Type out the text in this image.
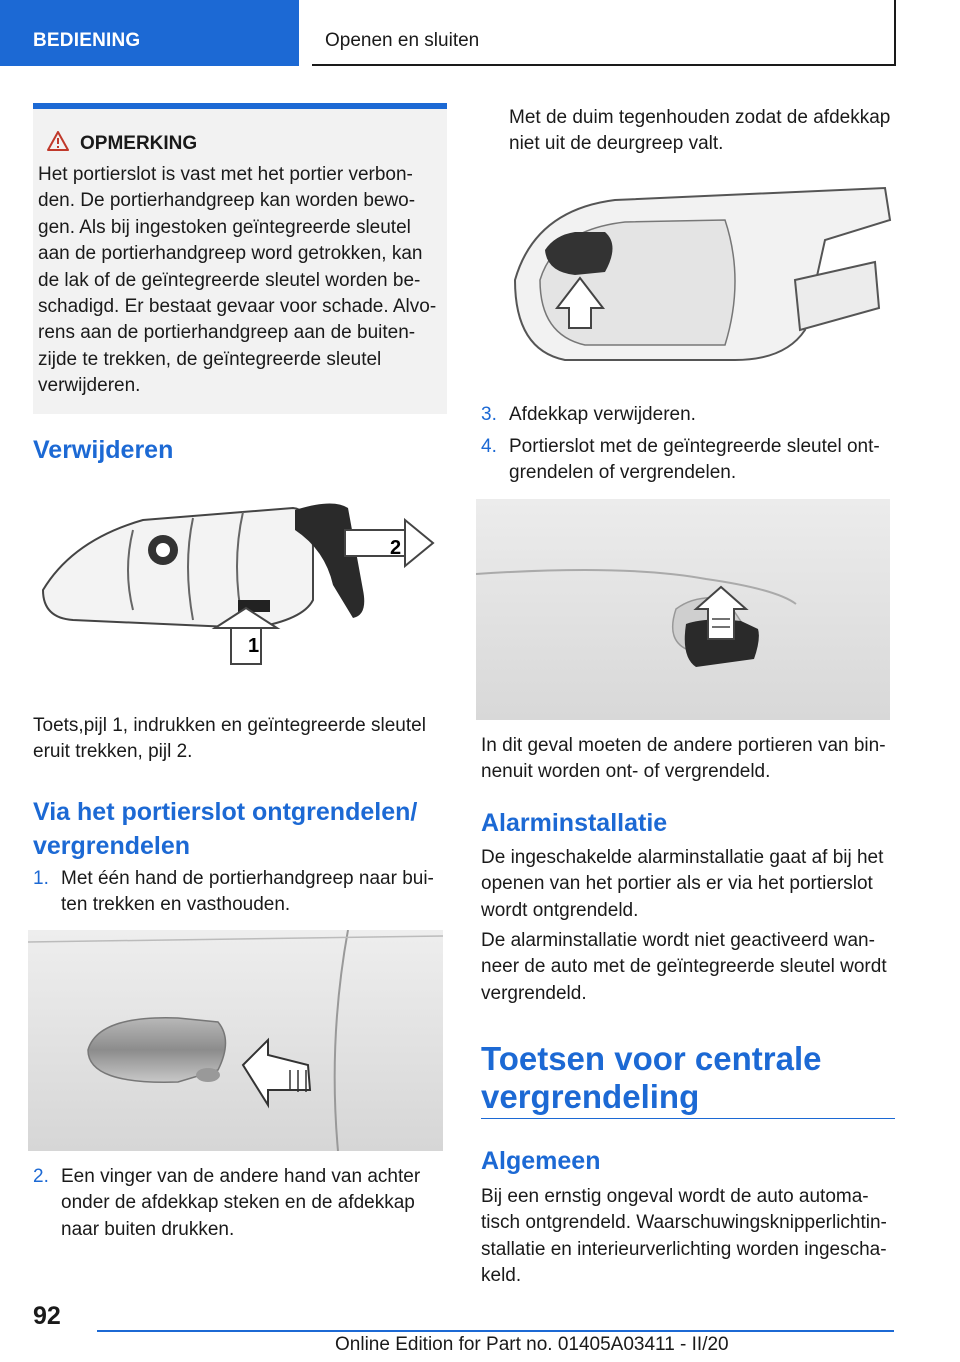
BEDIENING	Openen en sluiten
OPMERKING
Het portierslot is vast met het portier verbon-
den. De portierhandgreep kan worden bewo-
gen. Als bij ingestoken geïntegreerde sleutel
aan de portierhandgreep word getrokken, kan
de lak of de geïntegreerde sleutel worden be-
schadigd. Er bestaat gevaar voor schade. Alvo-
rens aan de portierhandgreep aan de buiten-
zijde te trekken, de geïntegreerde sleutel
verwijderen.
Verwijderen
2
1

Toets,pijl 1, indrukken en geïntegreerde sleutel

eruit trekken, pijl 2.

Via het portierslot ontgrendelen/
vergrendelen
1. Met één hand de portierhandgreep naar bui-
ten trekken en vasthouden.
2. Een vinger van de andere hand van achter
onder de afdekkap steken en de afdekkap
naar buiten drukken.
Met de duim tegenhouden zodat de afdekkap
niet uit de deurgreep valt.
3. Afdekkap verwijderen.
4. Portierslot met de geïntegreerde sleutel ont-
grendelen of vergrendelen.
In dit geval moeten de andere portieren van bin-
nenuit worden ont- of vergrendeld.
Alarminstallatie
De ingeschakelde alarminstallatie gaat af bij het
openen van het portier als er via het portierslot
wordt ontgrendeld.
De alarminstallatie wordt niet geactiveerd wan-
neer de auto met de geïntegreerde sleutel wordt
vergrendeld.
Toetsen voor centrale
vergrendeling
Algemeen
Bij een ernstig ongeval wordt de auto automa-
tisch ontgrendeld. Waarschuwingsknipperlichtin-
stallatie en interieurverlichting worden ingescha-
keld.
92
Online Edition for Part no. 01405A03411 - II/20
